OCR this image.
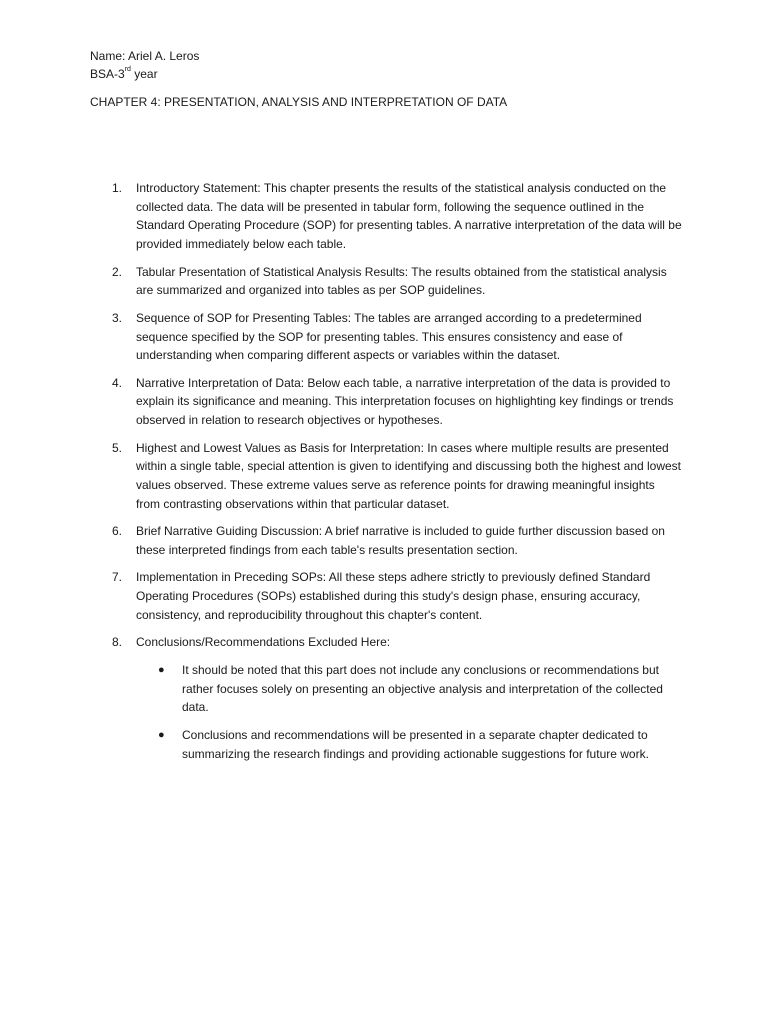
Name: Ariel A. Leros
BSA-3rd year
CHAPTER 4: PRESENTATION, ANALYSIS AND INTERPRETATION OF DATA
1. Introductory Statement: This chapter presents the results of the statistical analysis conducted on the collected data. The data will be presented in tabular form, following the sequence outlined in the Standard Operating Procedure (SOP) for presenting tables. A narrative interpretation of the data will be provided immediately below each table.
2. Tabular Presentation of Statistical Analysis Results: The results obtained from the statistical analysis are summarized and organized into tables as per SOP guidelines.
3. Sequence of SOP for Presenting Tables: The tables are arranged according to a predetermined sequence specified by the SOP for presenting tables. This ensures consistency and ease of understanding when comparing different aspects or variables within the dataset.
4. Narrative Interpretation of Data: Below each table, a narrative interpretation of the data is provided to explain its significance and meaning. This interpretation focuses on highlighting key findings or trends observed in relation to research objectives or hypotheses.
5. Highest and Lowest Values as Basis for Interpretation: In cases where multiple results are presented within a single table, special attention is given to identifying and discussing both the highest and lowest values observed. These extreme values serve as reference points for drawing meaningful insights from contrasting observations within that particular dataset.
6. Brief Narrative Guiding Discussion: A brief narrative is included to guide further discussion based on these interpreted findings from each table's results presentation section.
7. Implementation in Preceding SOPs: All these steps adhere strictly to previously defined Standard Operating Procedures (SOPs) established during this study's design phase, ensuring accuracy, consistency, and reproducibility throughout this chapter's content.
8. Conclusions/Recommendations Excluded Here:
● It should be noted that this part does not include any conclusions or recommendations but rather focuses solely on presenting an objective analysis and interpretation of the collected data.
● Conclusions and recommendations will be presented in a separate chapter dedicated to summarizing the research findings and providing actionable suggestions for future work.
